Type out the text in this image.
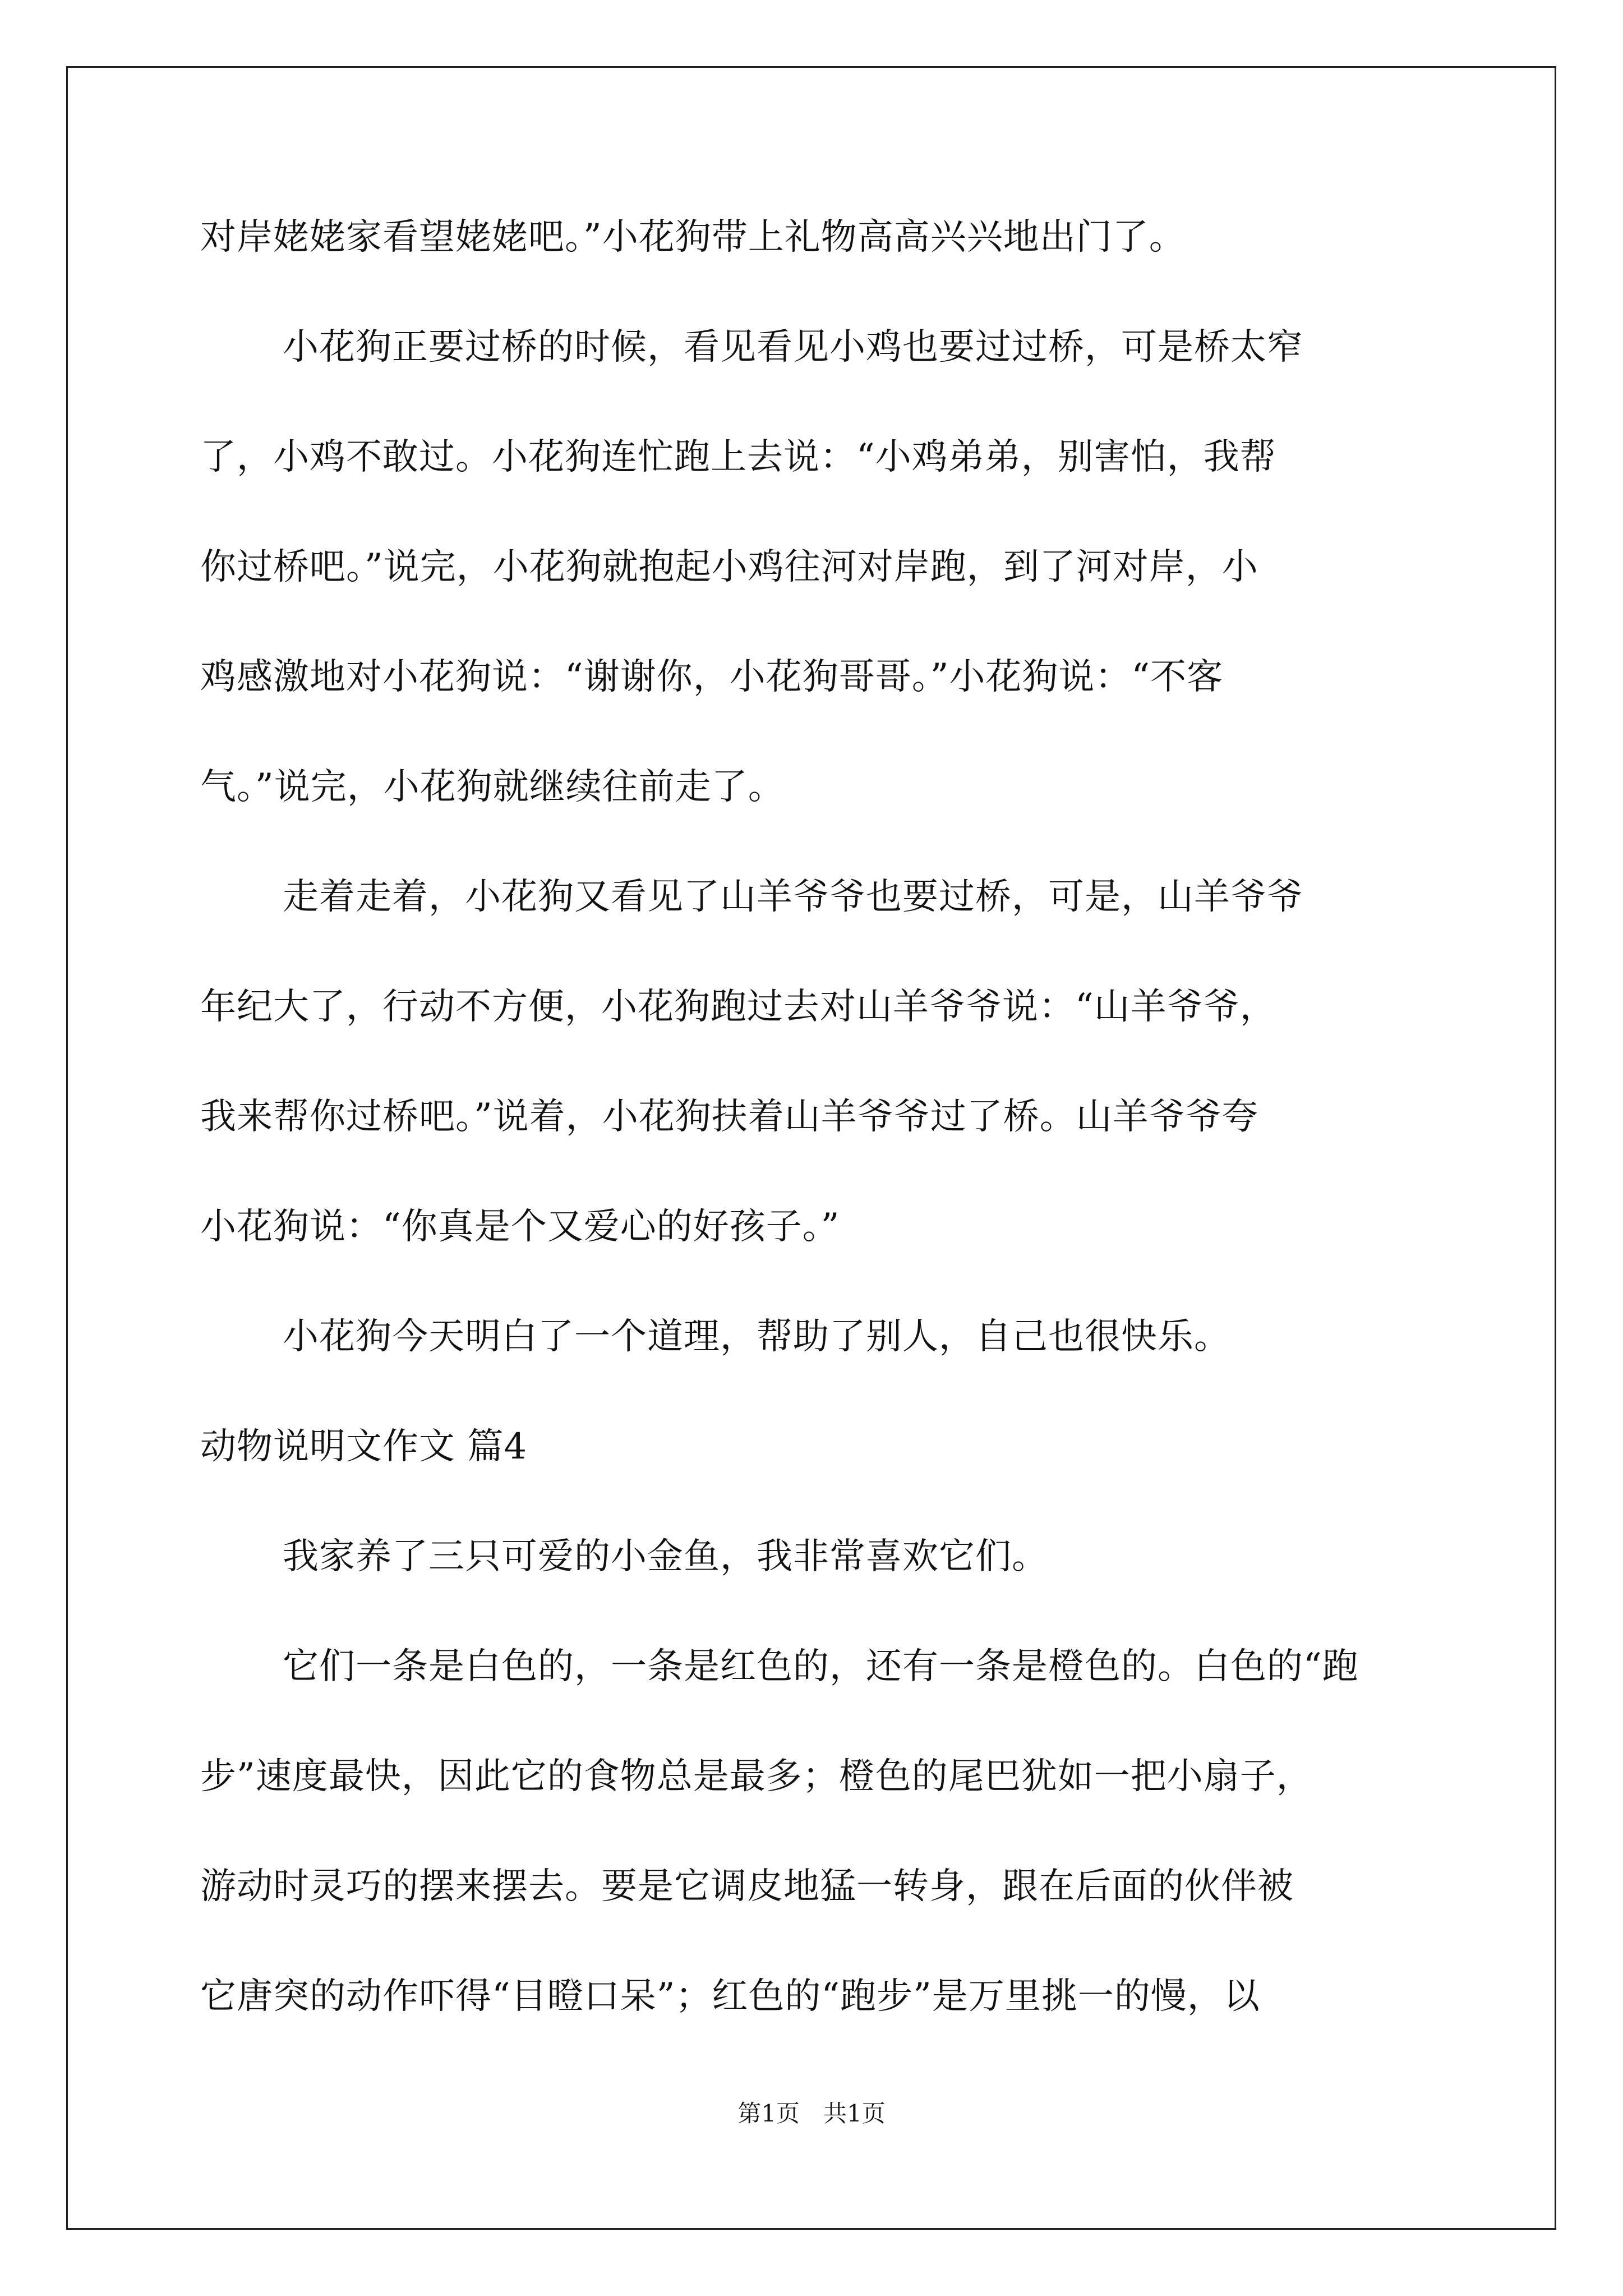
对岸姥姥家看望姥姥吧。”小花狗带上礼物高高兴兴地出门了。
小花狗正要过桥的时候，看见看见小鸡也要过过桥，可是桥太窄
了，小鸡不敢过。小花狗连忙跑上去说：“小鸡弟弟，别害怕，我帮
你过桥吧。”说完，小花狗就抱起小鸡往河对岸跑，到了河对岸，小
鸡感激地对小花狗说：“谢谢你，小花狗哥哥。”小花狗说：“不客
气。”说完，小花狗就继续往前走了。
走着走着，小花狗又看见了山羊爷爷也要过桥，可是，山羊爷爷
年纪大了，行动不方便，小花狗跑过去对山羊爷爷说：“山羊爷爷，
我来帮你过桥吧。”说着，小花狗扶着山羊爷爷过了桥。山羊爷爷夸
小花狗说：“你真是个又爱心的好孩子。”
小花狗今天明白了一个道理，帮助了别人，自己也很快乐。
动物说明文作文 篇4
我家养了三只可爱的小金鱼，我非常喜欢它们。
它们一条是白色的，一条是红色的，还有一条是橙色的。白色的“跑
步”速度最快，因此它的食物总是最多；橙色的尾巴犹如一把小扇子，
游动时灵巧的摆来摆去。要是它调皮地猛一转身，跟在后面的伙伴被
它唐突的动作吓得“目瞪口呆”；红色的“跑步”是万里挑一的慢，以
第1页　共1页
